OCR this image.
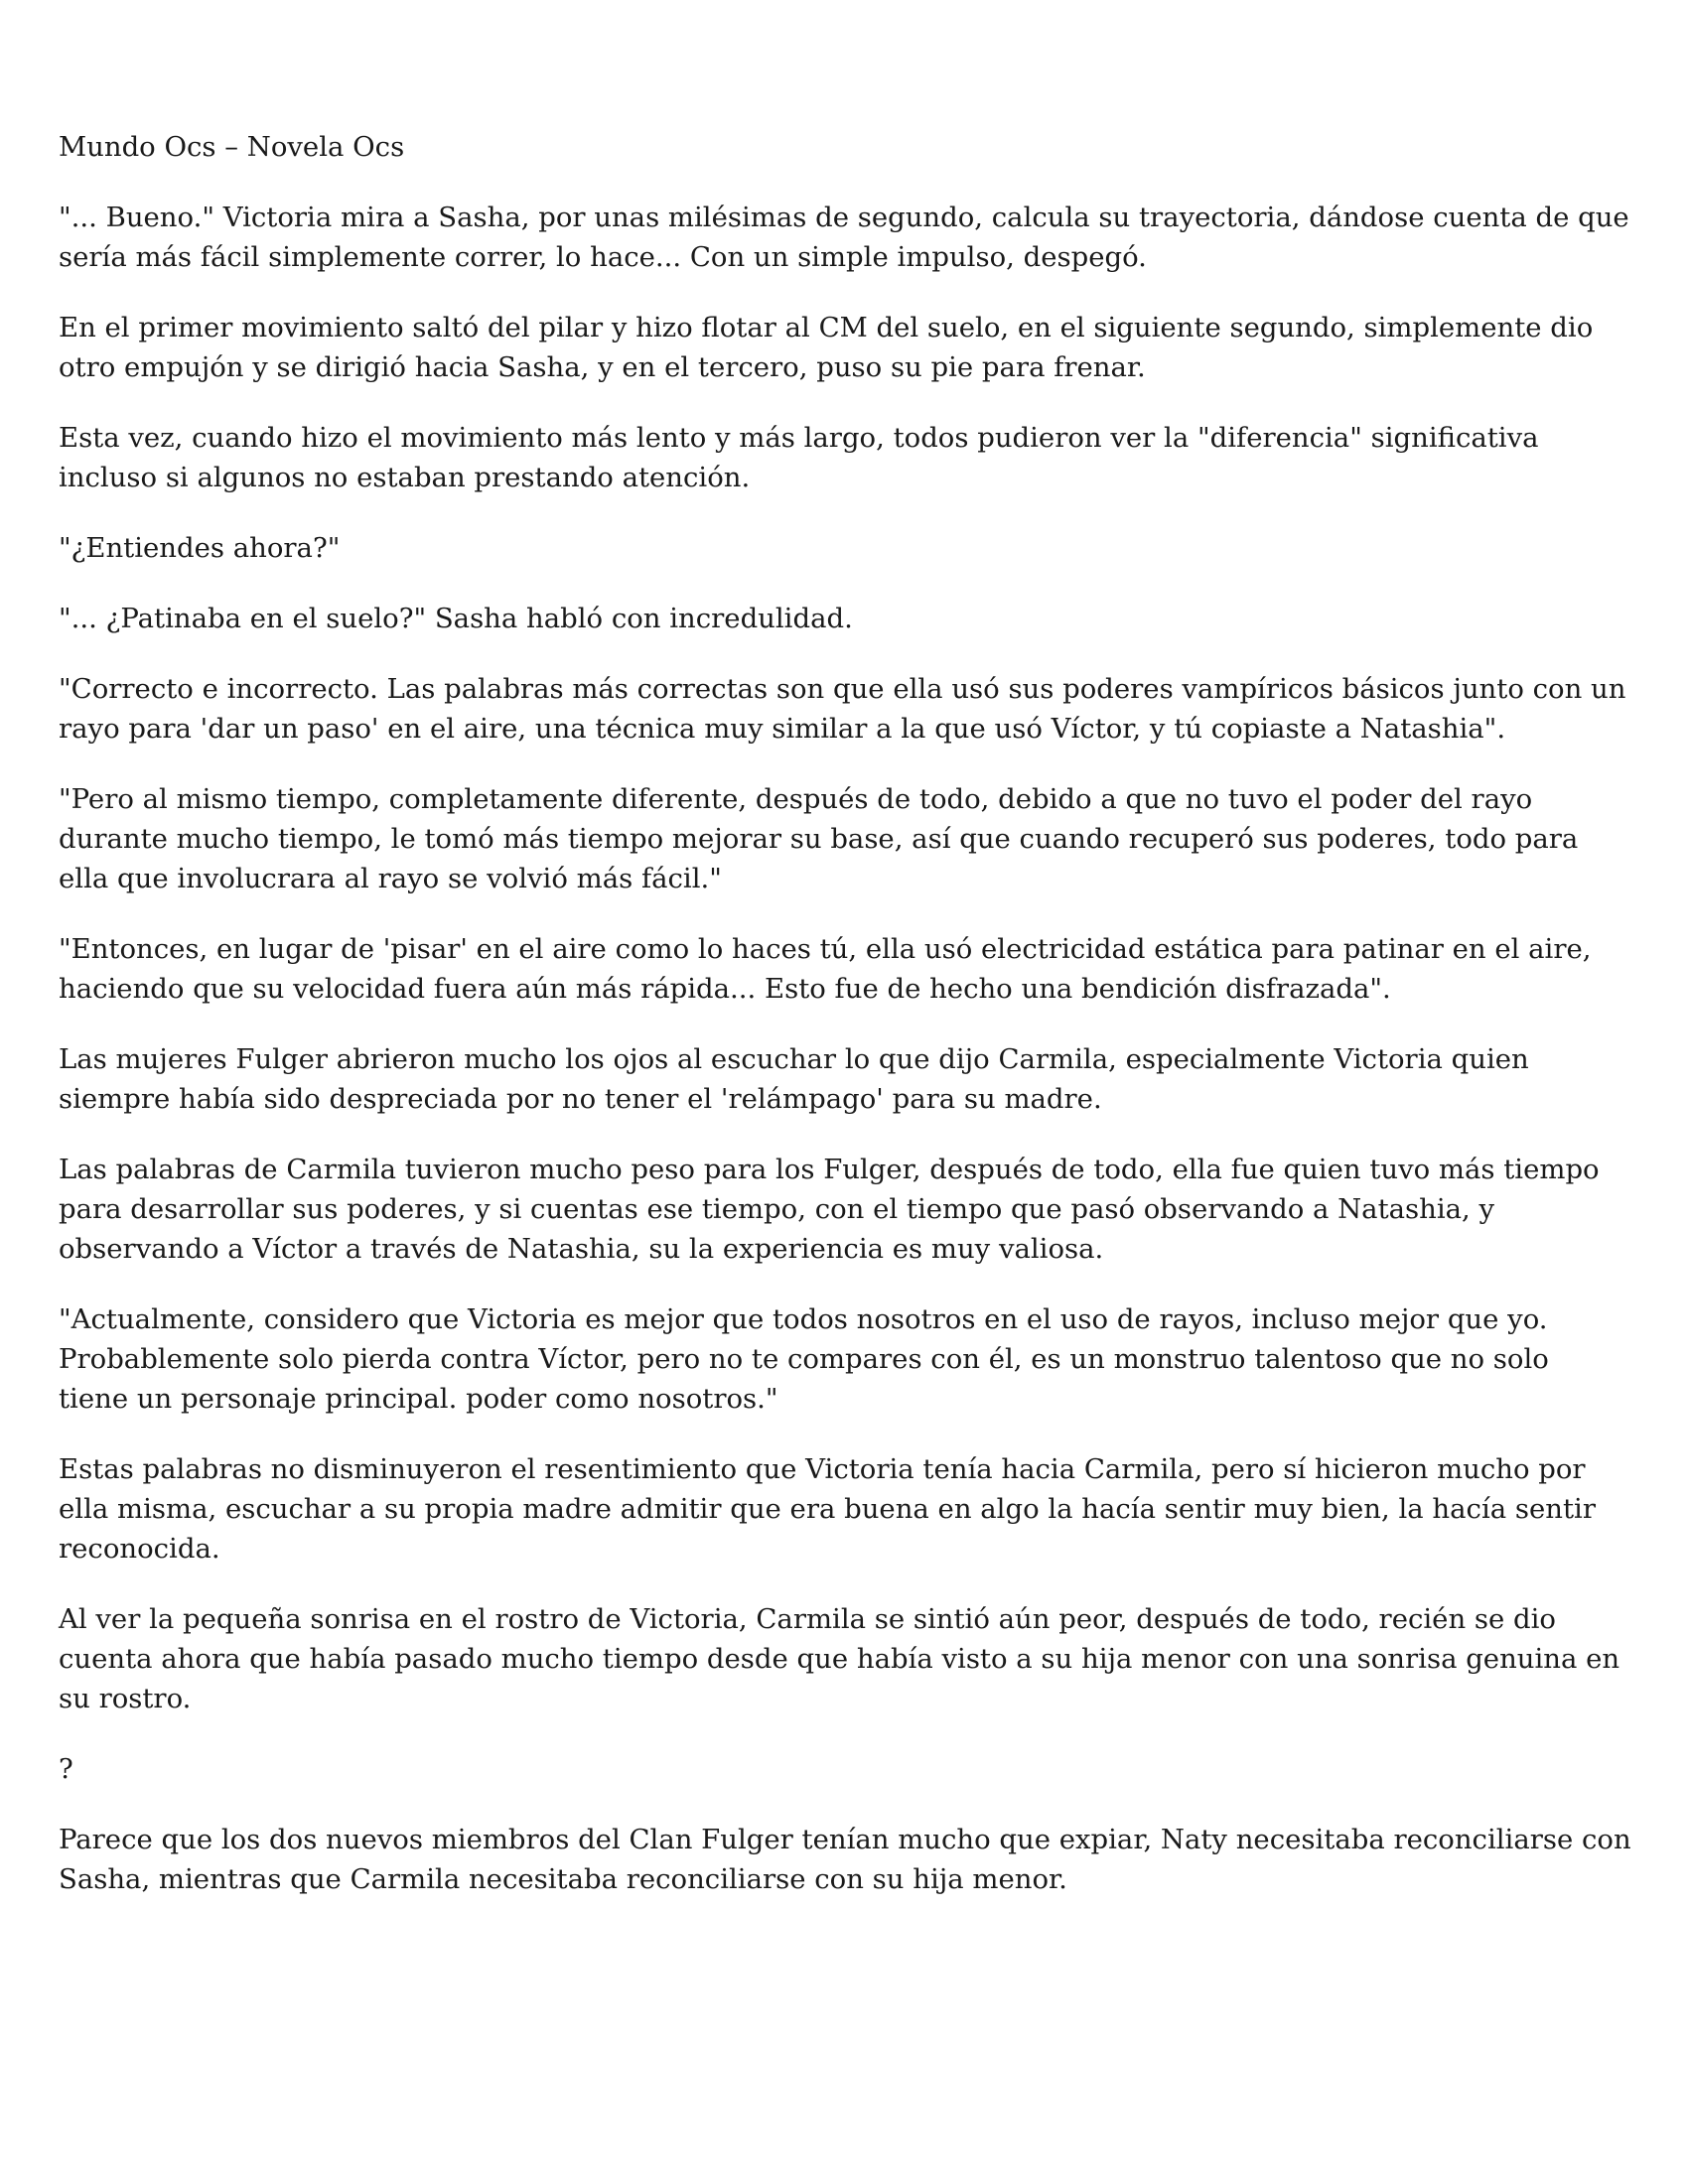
Mundo Ocs – Novela Ocs

"... Bueno." Victoria mira a Sasha, por unas milésimas de segundo, calcula su trayectoria, dándose cuenta de que
sería más fácil simplemente correr, lo hace... Con un simple impulso, despegó.

En el primer movimiento saltó del pilar y hizo flotar al CM del suelo, en el siguiente segundo, simplemente dio
otro empujón y se dirigió hacia Sasha, y en el tercero, puso su pie para frenar.

Esta vez, cuando hizo el movimiento más lento y más largo, todos pudieron ver la "diferencia" significativa
incluso si algunos no estaban prestando atención.

"¿Entiendes ahora?"

"... ¿Patinaba en el suelo?" Sasha habló con incredulidad.

"Correcto e incorrecto. Las palabras más correctas son que ella usó sus poderes vampíricos básicos junto con un
rayo para 'dar un paso' en el aire, una técnica muy similar a la que usó Víctor, y tú copiaste a Natashia".

"Pero al mismo tiempo, completamente diferente, después de todo, debido a que no tuvo el poder del rayo
durante mucho tiempo, le tomó más tiempo mejorar su base, así que cuando recuperó sus poderes, todo para
ella que involucrara al rayo se volvió más fácil."

"Entonces, en lugar de 'pisar' en el aire como lo haces tú, ella usó electricidad estática para patinar en el aire,
haciendo que su velocidad fuera aún más rápida... Esto fue de hecho una bendición disfrazada".

Las mujeres Fulger abrieron mucho los ojos al escuchar lo que dijo Carmila, especialmente Victoria quien
siempre había sido despreciada por no tener el 'relámpago' para su madre.

Las palabras de Carmila tuvieron mucho peso para los Fulger, después de todo, ella fue quien tuvo más tiempo
para desarrollar sus poderes, y si cuentas ese tiempo, con el tiempo que pasó observando a Natashia, y
observando a Víctor a través de Natashia, su la experiencia es muy valiosa.

"Actualmente, considero que Victoria es mejor que todos nosotros en el uso de rayos, incluso mejor que yo.
Probablemente solo pierda contra Víctor, pero no te compares con él, es un monstruo talentoso que no solo
tiene un personaje principal. poder como nosotros."

Estas palabras no disminuyeron el resentimiento que Victoria tenía hacia Carmila, pero sí hicieron mucho por
ella misma, escuchar a su propia madre admitir que era buena en algo la hacía sentir muy bien, la hacía sentir
reconocida.

Al ver la pequeña sonrisa en el rostro de Victoria, Carmila se sintió aún peor, después de todo, recién se dio
cuenta ahora que había pasado mucho tiempo desde que había visto a su hija menor con una sonrisa genuina en
su rostro.

?

Parece que los dos nuevos miembros del Clan Fulger tenían mucho que expiar, Naty necesitaba reconciliarse con
Sasha, mientras que Carmila necesitaba reconciliarse con su hija menor.
